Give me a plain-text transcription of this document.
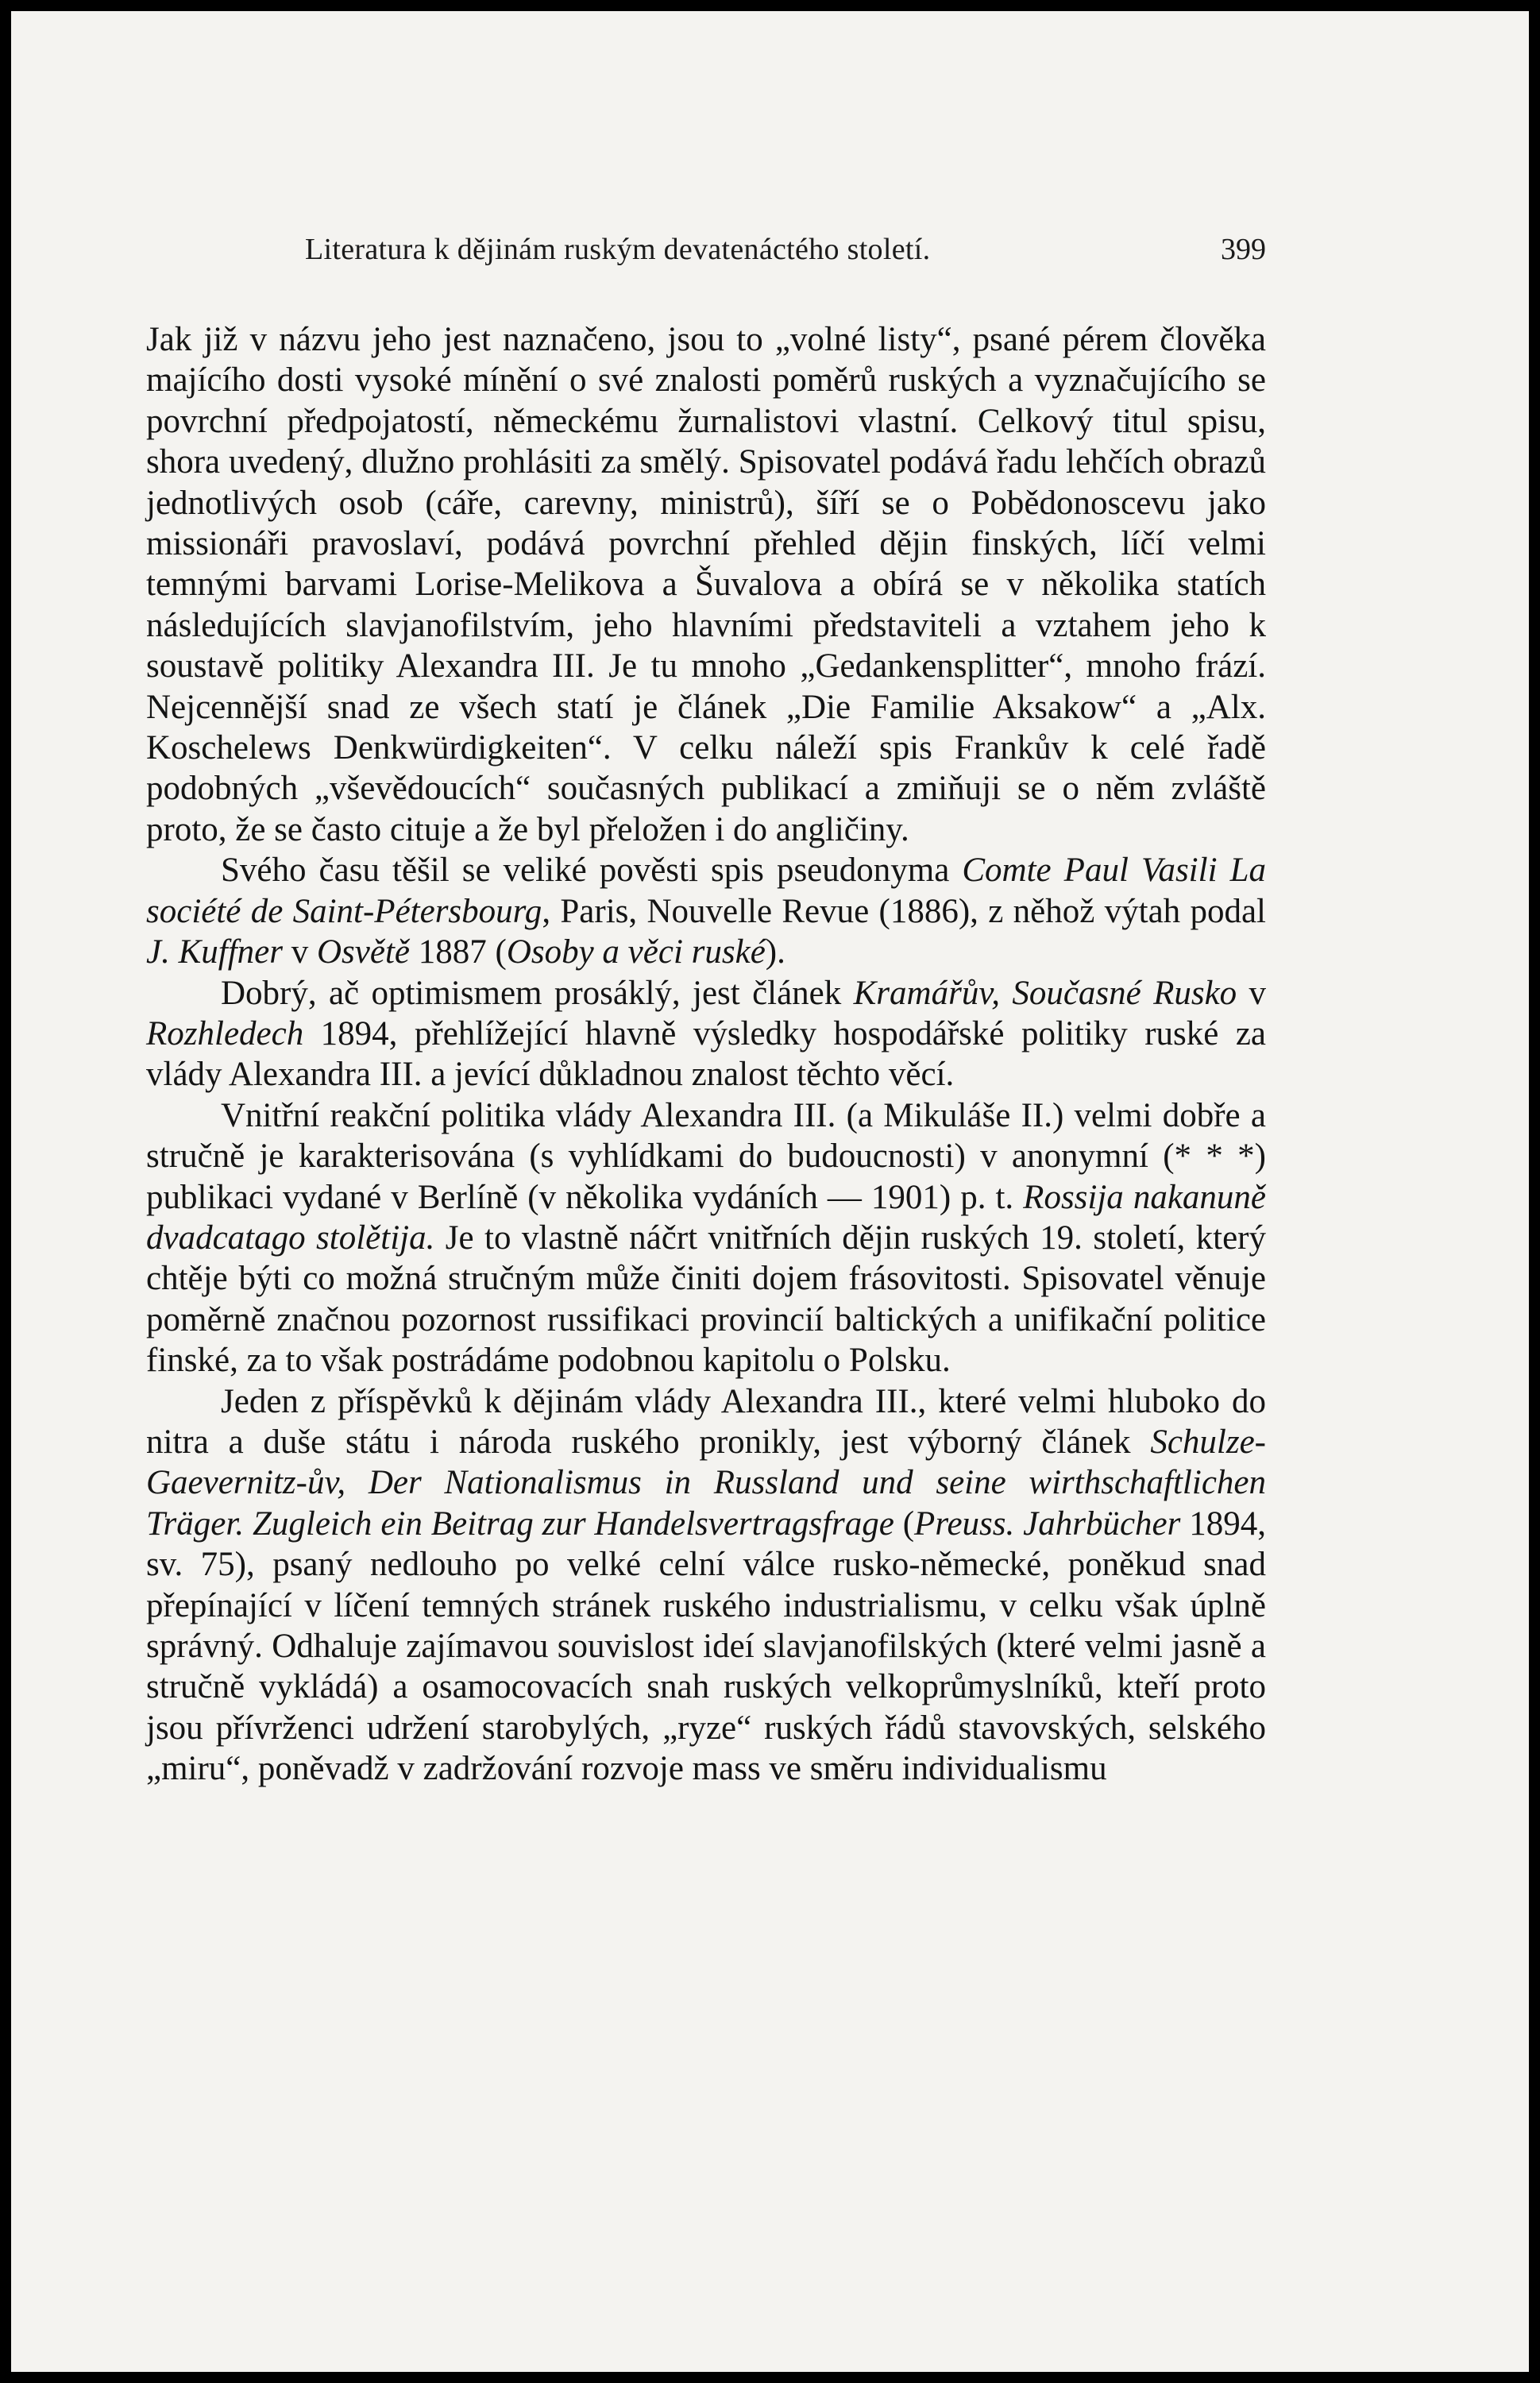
Literatura k dějinám ruským devatenáctého století.	399

Jak již v názvu jeho jest naznačeno, jsou to „volné listy“, psané pérem člověka majícího dosti vysoké mínění o své znalosti poměrů ruských a vyznačujícího se povrchní předpojatostí, německému žurnalistovi vlastní. Celkový titul spisu, shora uvedený, dlužno prohlásiti za smělý. Spisovatel podává řadu lehčích obrazů jednotlivých osob (cáře, carevny, ministrů), šíří se o Pobědonoscevu jako missionáři pravoslaví, podává povrchní přehled dějin finských, líčí velmi temnými barvami Lorise-Melikova a Šuvalova a obírá se v několika statích následujících slavjanofilstvím, jeho hlavními představiteli a vztahem jeho k soustavě politiky Alexandra III. Je tu mnoho „Gedankensplitter“, mnoho frází. Nejcennější snad ze všech statí je článek „Die Familie Aksakow“ a „Alx. Koschelews Denkwürdigkeiten“. V celku náleží spis Frankův k celé řadě podobných „vševědoucích“ současných publikací a zmiňuji se o něm zvláště proto, že se často cituje a že byl přeložen i do angličiny.

Svého času těšil se veliké pověsti spis pseudonyma Comte Paul Vasili La société de Saint-Pétersbourg, Paris, Nouvelle Revue (1886), z něhož výtah podal J. Kuffner v Osvětě 1887 (Osoby a věci ruské).

Dobrý, ač optimismem prosáklý, jest článek Kramářův, Současné Rusko v Rozhledech 1894, přehlížející hlavně výsledky hospodářské politiky ruské za vlády Alexandra III. a jevící důkladnou znalost těchto věcí.

Vnitřní reakční politika vlády Alexandra III. (a Mikuláše II.) velmi dobře a stručně je karakterisována (s vyhlídkami do budoucnosti) v anonymní (* * *) publikaci vydané v Berlíně (v několika vydáních — 1901) p. t. Rossija nakanuně dvadcatago stolětija. Je to vlastně náčrt vnitřních dějin ruských 19. století, který chtěje býti co možná stručným může činiti dojem frásovitosti. Spisovatel věnuje poměrně značnou pozornost russifikaci provincií baltických a unifikační politice finské, za to však postrádáme podobnou kapitolu o Polsku.

Jeden z příspěvků k dějinám vlády Alexandra III., které velmi hluboko do nitra a duše státu i národa ruského pronikly, jest výborný článek Schulze-Gaevernitz-ův, Der Nationalismus in Russland und seine wirthschaftlichen Träger. Zugleich ein Beitrag zur Handelsvertragsfrage (Preuss. Jahrbücher 1894, sv. 75), psaný nedlouho po velké celní válce rusko-německé, poněkud snad přepínající v líčení temných stránek ruského industrialismu, v celku však úplně správný. Odhaluje zajímavou souvislost ideí slavjanofilských (které velmi jasně a stručně vykládá) a osamocovacích snah ruských velkoprůmyslníků, kteří proto jsou přívrženci udržení starobylých, „ryze“ ruských řádů stavovských, selského „miru“, poněvadž v zadržování rozvoje mass ve směru individualismu
